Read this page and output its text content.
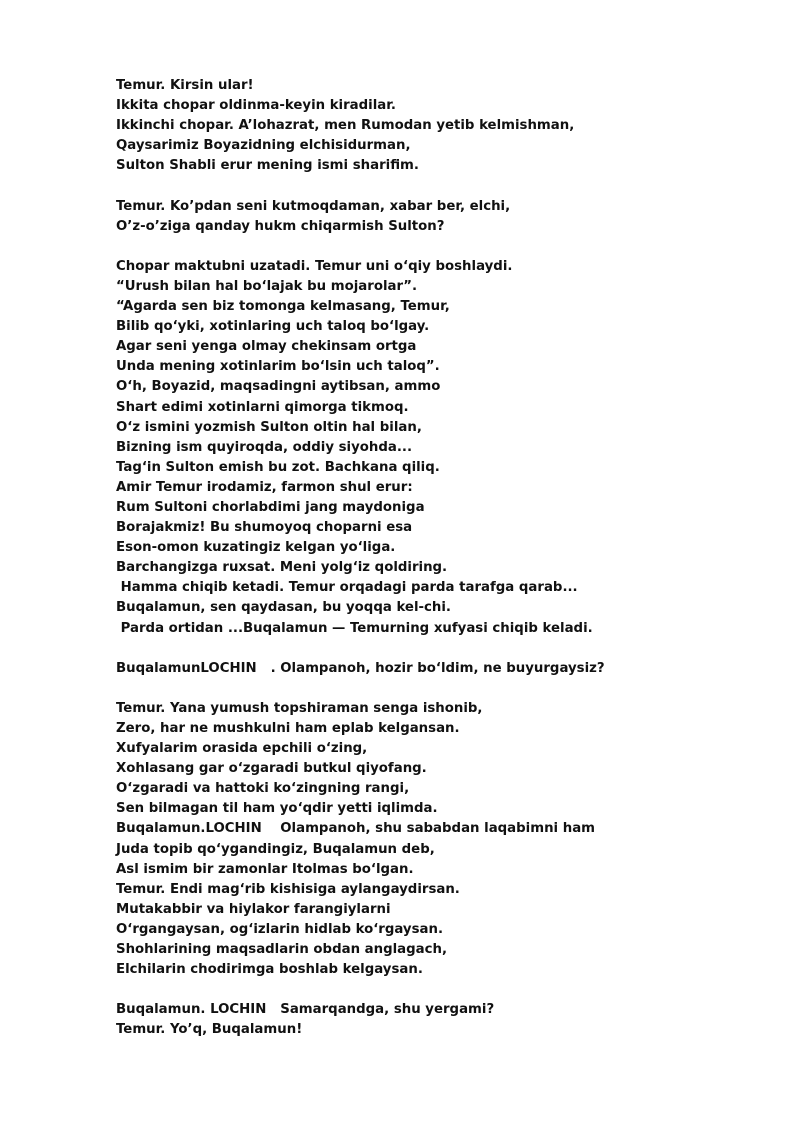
Temur. Kirsin ular!
Ikkita chopar oldinma-keyin kiradilar.
Ikkinchi chopar. A’lohazrat, men Rumodan yetib kelmishman,
Qaysarimiz Boyazidning elchisidurman,
Sulton Shabli erur mening ismi sharifim.
Temur. Ko’pdan seni kutmoqdaman, xabar ber, elchi,
O’z-o’ziga qanday hukm chiqarmish Sulton?
Chopar maktubni uzatadi. Temur uni o‘qiy boshlaydi.
“Urush bilan hal bo‘lajak bu mojarolar”.
“Agarda sen biz tomonga kelmasang, Temur,
Bilib qo‘yki, xotinlaring uch taloq bo‘lgay.
Agar seni yenga olmay chekinsam ortga
Unda mening xotinlarim bo‘lsin uch taloq”.
O‘h, Boyazid, maqsadingni aytibsan, ammo
Shart edimi xotinlarni qimorga tikmoq.
O‘z ismini yozmish Sulton oltin hal bilan,
Bizning ism quyiroqda, oddiy siyohda...
Tag‘in Sulton emish bu zot. Bachkana qiliq.
Amir Temur irodamiz, farmon shul erur:
Rum Sultoni chorlabdimi jang maydoniga
Borajakmiz! Bu shumoyoq choparni esa
Eson-omon kuzatingiz kelgan yo‘liga.
Barchangizga ruxsat. Meni yolg‘iz qoldiring.
Hamma chiqib ketadi. Temur orqadagi parda tarafga qarab...
Buqalamun, sen qaydasan, bu yoqqa kel-chi.
Parda ortidan ...Buqalamun — Temurning xufyasi chiqib keladi.
BuqalamunLOCHIN   . Olampanoh, hozir bo‘ldim, ne buyurgaysiz?
Temur. Yana yumush topshiraman senga ishonib,
Zero, har ne mushkulni ham eplab kelgansan.
Xufyalarim orasida epchili o‘zing,
Xohlasang gar o‘zgaradi butkul qiyofang.
O‘zgaradi va hattoki ko‘zingning rangi,
Sen bilmagan til ham yo‘qdir yetti iqlimda.
Buqalamun.LOCHIN    Olampanoh, shu sababdan laqabimni ham
Juda topib qo‘ygandingiz, Buqalamun deb,
Asl ismim bir zamonlar Itolmas bo‘lgan.
Temur. Endi mag‘rib kishisiga aylangaydirsan.
Mutakabbir va hiylakor farangiylarni
O‘rgangaysan, og‘izlarin hidlab ko‘rgaysan.
Shohlarining maqsadlarin obdan anglagach,
Elchilarin chodirimga boshlab kelgaysan.
Buqalamun. LOCHIN   Samarqandga, shu yergami?
Temur. Yo’q, Buqalamun!
